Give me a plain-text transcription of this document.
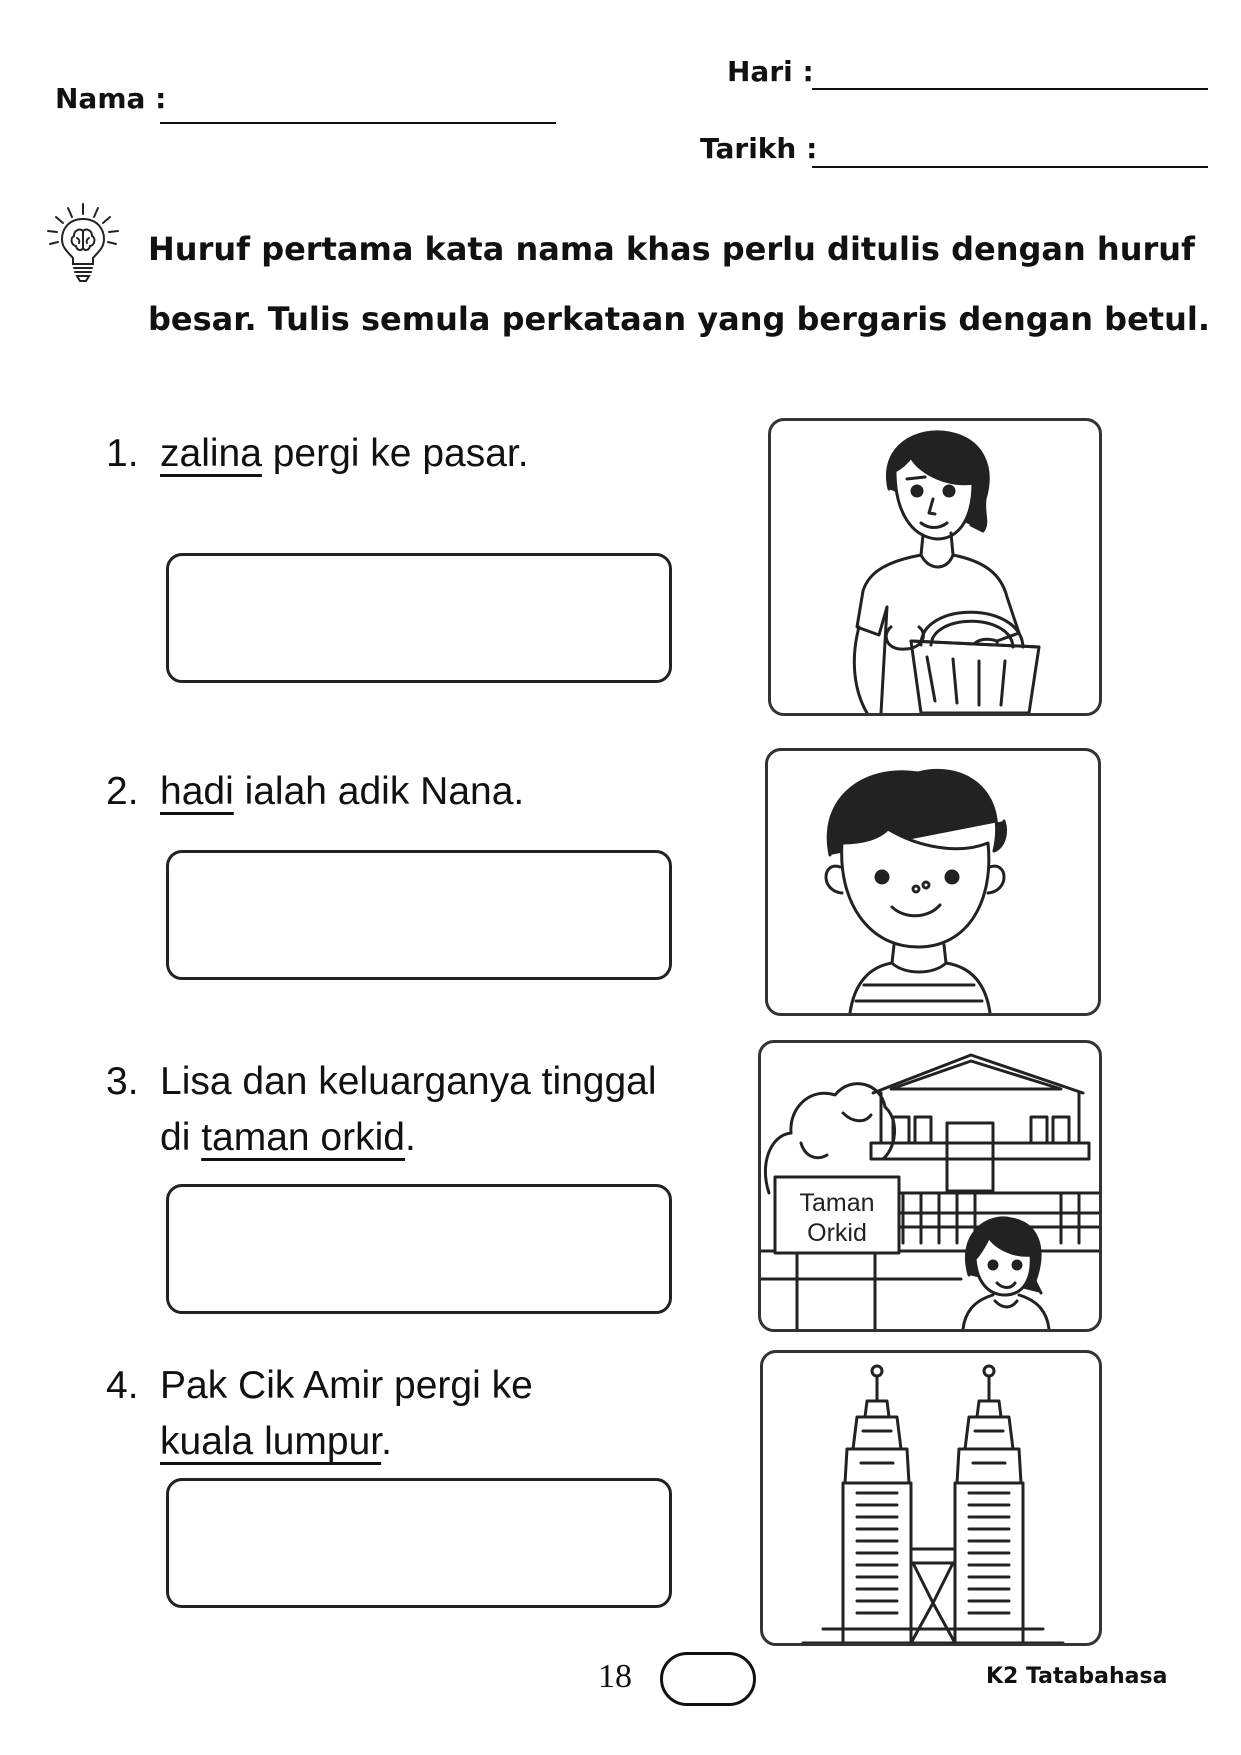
Nama :
Hari :
Tarikh :
Huruf pertama kata nama khas perlu ditulis dengan huruf
besar. Tulis semula perkataan yang bergaris dengan betul.
1. zalina pergi ke pasar.
2. hadi ialah adik Nana.
3. Lisa dan keluarganya tinggal
di taman orkid.
Taman
Orkid
4. Pak Cik Amir pergi ke
kuala lumpur.
18	K2 Tatabahasa
